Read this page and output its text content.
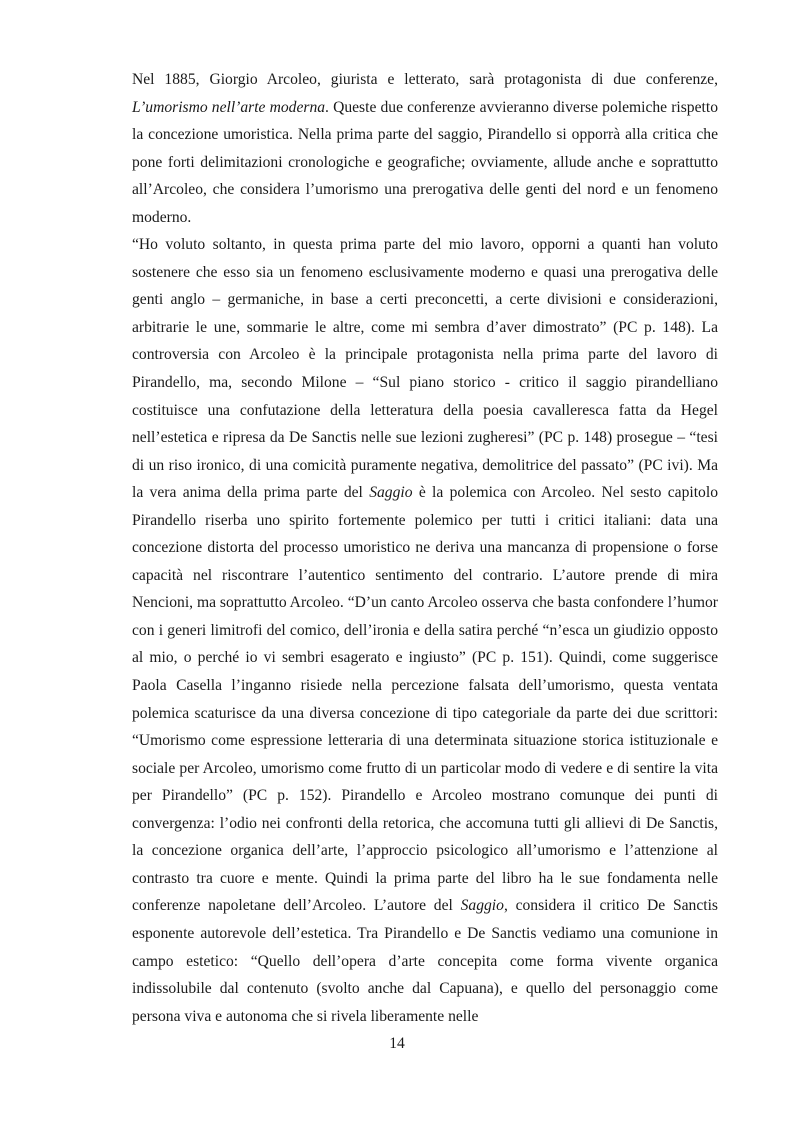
Nel 1885, Giorgio Arcoleo, giurista e letterato, sarà protagonista di due conferenze, L’umorismo nell’arte moderna. Queste due conferenze avvieranno diverse polemiche rispetto la concezione umoristica. Nella prima parte del saggio, Pirandello si opporrà alla critica che pone forti delimitazioni cronologiche e geografiche; ovviamente, allude anche e soprattutto all’Arcoleo, che considera l’umorismo una prerogativa delle genti del nord e un fenomeno moderno.

“Ho voluto soltanto, in questa prima parte del mio lavoro, opporni a quanti han voluto sostenere che esso sia un fenomeno esclusivamente moderno e quasi una prerogativa delle genti anglo – germaniche, in base a certi preconcetti, a certe divisioni e considerazioni, arbitrarie le une, sommarie le altre, come mi sembra d’aver dimostrato” (PC p. 148). La controversia con Arcoleo è la principale protagonista nella prima parte del lavoro di Pirandello, ma, secondo Milone – “Sul piano storico - critico il saggio pirandelliano costituisce una confutazione della letteratura della poesia cavalleresca fatta da Hegel nell’estetica e ripresa da De Sanctis nelle sue lezioni zugheresi” (PC p. 148) prosegue – “tesi di un riso ironico, di una comicità puramente negativa, demolitrice del passato” (PC ivi). Ma la vera anima della prima parte del Saggio è la polemica con Arcoleo. Nel sesto capitolo Pirandello riserba uno spirito fortemente polemico per tutti i critici italiani: data una concezione distorta del processo umoristico ne deriva una mancanza di propensione o forse capacità nel riscontrare l’autentico sentimento del contrario. L’autore prende di mira Nencioni, ma soprattutto Arcoleo. “D’un canto Arcoleo osserva che basta confondere l’humor con i generi limitrofi del comico, dell’ironia e della satira perché “n’esca un giudizio opposto al mio, o perché io vi sembri esagerato e ingiusto” (PC p. 151). Quindi, come suggerisce Paola Casella l’inganno risiede nella percezione falsata dell’umorismo, questa ventata polemica scaturisce da una diversa concezione di tipo categoriale da parte dei due scrittori: “Umorismo come espressione letteraria di una determinata situazione storica istituzionale e sociale per Arcoleo, umorismo come frutto di un particolar modo di vedere e di sentire la vita per Pirandello” (PC p. 152). Pirandello e Arcoleo mostrano comunque dei punti di convergenza: l’odio nei confronti della retorica, che accomuna tutti gli allievi di De Sanctis, la concezione organica dell’arte, l’approccio psicologico all’umorismo e l’attenzione al contrasto tra cuore e mente. Quindi la prima parte del libro ha le sue fondamenta nelle conferenze napoletane dell’Arcoleo. L’autore del Saggio, considera il critico De Sanctis esponente autorevole dell’estetica. Tra Pirandello e De Sanctis vediamo una comunione in campo estetico: “Quello dell’opera d’arte concepita come forma vivente organica indissolubile dal contenuto (svolto anche dal Capuana), e quello del personaggio come persona viva e autonoma che si rivela liberamente nelle

14
